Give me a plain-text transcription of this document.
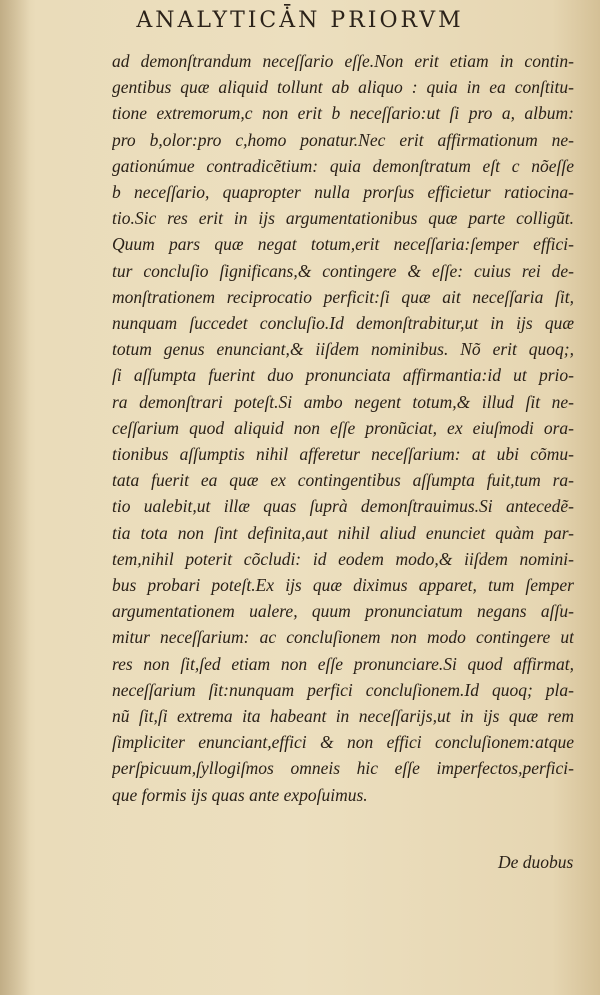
ANALYTICǠN PRIORVM
ad demonſtrandum neceſſario eſſe.Non erit etiam in contin-
gentibus quæ aliquid tollunt ab aliquo : quia in ea conſtitu-
tione extremorum,c non erit b neceſſario:ut ſi pro a, album:
pro b,olor:pro c,homo ponatur.Nec erit affirmationum ne-
gationúmue contradicẽtium: quia demonſtratum eſt c nõeſſe
b neceſſario, quapropter nulla prorſus efficietur ratiocina-
tio.Sic res erit in ijs argumentationibus quæ parte colligũt.
Quum pars quæ negat totum,erit neceſſaria:ſemper effici-
tur concluſio ſignificans,& contingere & eſſe: cuius rei de-
monſtrationem reciprocatio perficit:ſi quæ ait neceſſaria ſit,
nunquam ſuccedet concluſio.Id demonſtrabitur,ut in ijs quæ
totum genus enunciant,& iiſdem nominibus. Nõ erit quoq;,
ſi aſſumpta fuerint duo pronunciata affirmantia:id ut prio-
ra demonſtrari poteſt.Si ambo negent totum,& illud ſit ne-
ceſſarium quod aliquid non eſſe pronũciat, ex eiuſmodi ora-
tionibus aſſumptis nihil afferetur neceſſarium: at ubi cõmu-
tata fuerit ea quæ ex contingentibus aſſumpta fuit,tum ra-
tio ualebit,ut illæ quas ſuprà demonſtrauimus.Si antecedẽ-
tia tota non ſint definita,aut nihil aliud enunciet quàm par-
tem,nihil poterit cõcludi: id eodem modo,& iiſdem nomini-
bus probari poteſt.Ex ijs quæ diximus apparet, tum ſemper
argumentationem ualere, quum pronunciatum negans aſſu-
mitur neceſſarium: ac concluſionem non modo contingere ut
res non ſit,ſed etiam non eſſe pronunciare.Si quod affirmat,
neceſſarium ſit:nunquam perfici concluſionem.Id quoq; pla-
nũ ſit,ſi extrema ita habeant in neceſſarijs,ut in ijs quæ rem
ſimpliciter enunciant,effici & non effici concluſionem:atque
perſpicuum,ſyllogiſmos omneis hic eſſe imperfectos,perfici-
que formis ijs quas ante expoſuimus.
De duobus
